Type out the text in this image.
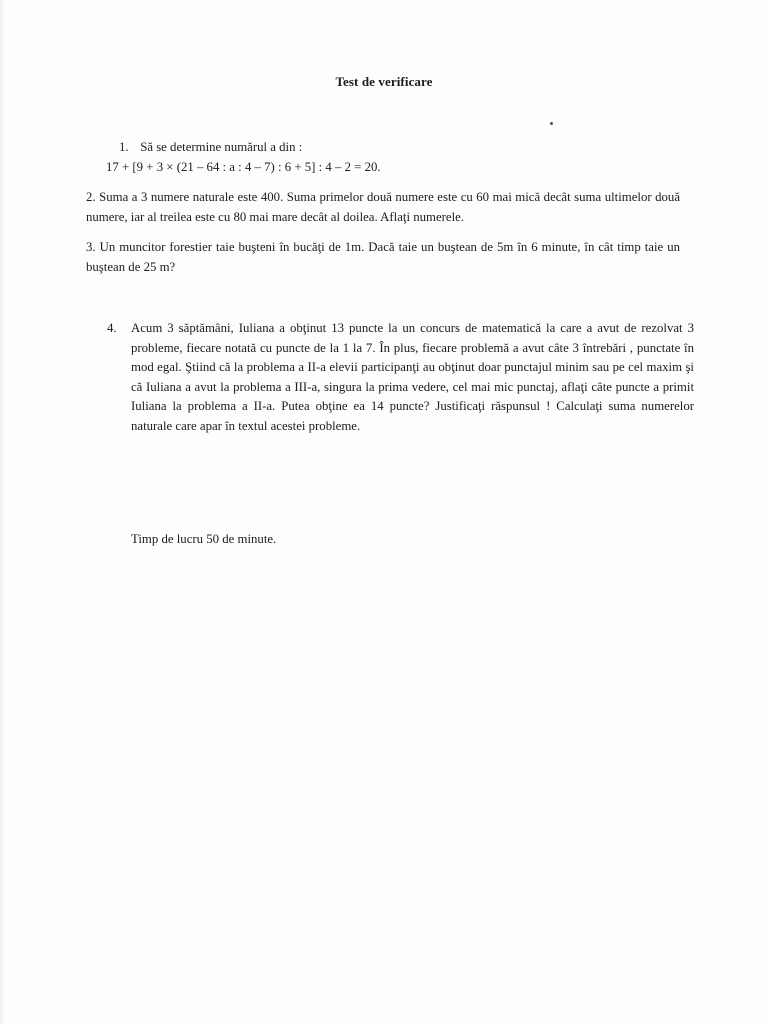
Test de verificare
1. Să se determine numărul a din :
17 + [9 + 3 × (21 – 64 : a : 4 – 7) : 6 + 5] : 4 – 2 = 20.
2. Suma a 3 numere naturale este 400. Suma primelor două numere este cu 60 mai mică decât suma ultimelor două numere, iar al treilea este cu 80 mai mare decât al doilea. Aflaţi numerele.
3. Un muncitor forestier taie buşteni în bucăţi de 1m. Dacă taie un buştean de 5m în 6 minute, în cât timp taie un buştean de 25 m?
4. Acum 3 săptămâni, Iuliana a obţinut 13 puncte la un concurs de matematică la care a avut de rezolvat 3 probleme, fiecare notată cu puncte de la 1 la 7. În plus, fiecare problemă a avut câte 3 întrebări , punctate în mod egal. Ştiind că la problema a II-a elevii participanţi au obţinut doar punctajul minim sau pe cel maxim şi că Iuliana a avut la problema a III-a, singura la prima vedere, cel mai mic punctaj, aflaţi câte puncte a primit Iuliana la problema a II-a. Putea obţine ea 14 puncte? Justificaţi răspunsul ! Calculaţi suma numerelor naturale care apar în textul acestei probleme.
Timp de lucru 50 de minute.
